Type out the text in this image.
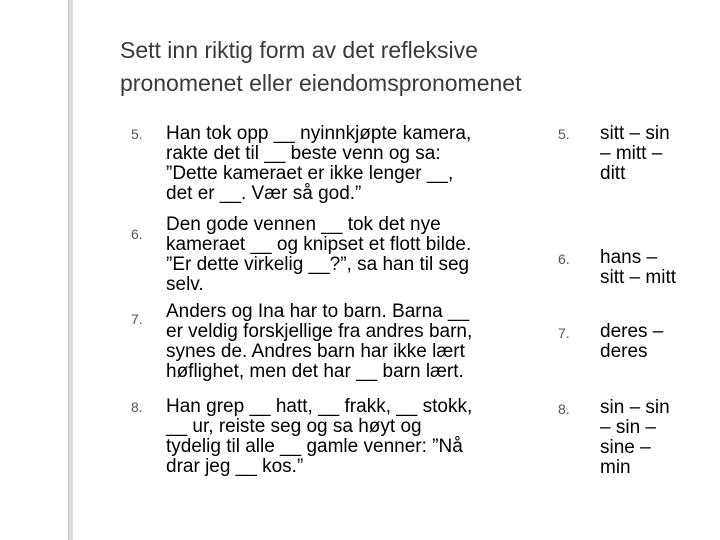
Sett inn riktig form av det refleksive
pronomenet eller eiendomspronomenet
5. Han tok opp __ nyinnkjøpte kamera,
rakte det til __ beste venn og sa:
”Dette kameraet er ikke lenger __,
det er __. Vær så god.”
6. Den gode vennen __ tok det nye
kameraet __ og knipset et flott bilde.
”Er dette virkelig __?”, sa han til seg
selv.
7. Anders og Ina har to barn. Barna __
er veldig forskjellige fra andres barn,
synes de. Andres barn har ikke lært
høflighet, men det har __ barn lært.
8. Han grep __ hatt, __ frakk, __ stokk,
__ ur, reiste seg og sa høyt og
tydelig til alle __ gamle venner: ”Nå
drar jeg __ kos.”
5. sitt – sin
– mitt –
ditt
6. hans –
sitt – mitt
7. deres –
deres
8. sin – sin
– sin –
sine –
min
